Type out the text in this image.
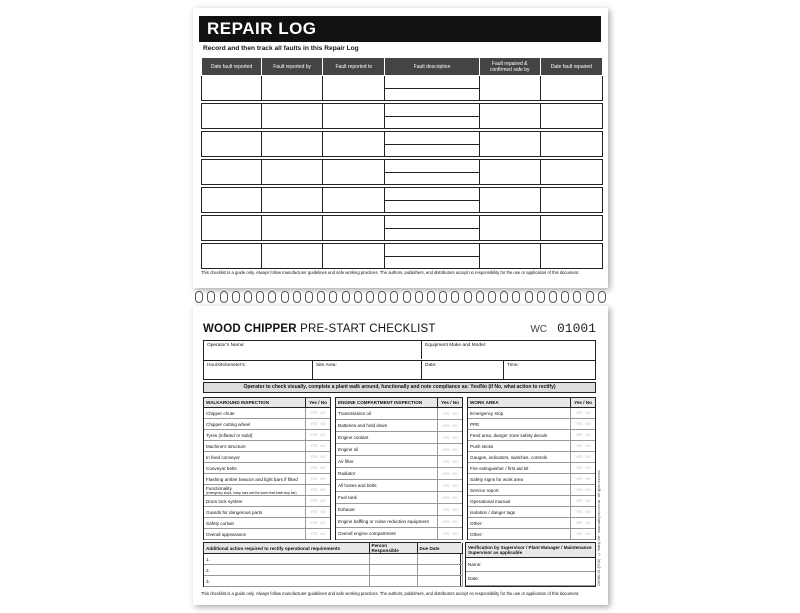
REPAIR LOG
Record and then track all faults in this Repair Log
Date fault reported	Fault reported by	Fault reported to	Fault description	Fault repaired & confirmed safe by	Date fault repaired

This checklist is a guide only. Always follow manufacturer guidelines and safe working practices. The authors, publishers, and distributors accept no responsibility for the use or application of this document.
WOOD CHIPPER PRE-START CHECKLIST	WC 01001
Operator's Name:	Equipment Make and Model:
Hours/Kilometer's:	Site Area:	Date:	Time:
Operator to check visually, complete a plant walk around, functionally and note compliance as: Yes/No (if No, what action to rectify)
WALKAROUND INSPECTION	Yes / No
Chipper chute	YES NO
Chipper cutting wheel	YES NO
Tyres (inflated or solid)	YES NO
Machine's structure	YES NO
In feed conveyor	YES NO
Conveyor belts	YES NO
Flashing amber beacon and light bars if fitted	YES NO
Functionality
(emergency stops, bump bars and the lower feed table stop bar)	YES NO
Drum lock system	YES NO
Guards for dangerous parts	YES NO
Safety curtain	YES NO
Overall appearance	YES NO
ENGINE COMPARTMENT INSPECTION	Yes / No
Transmission oil	YES NO
Batteries and hold down	YES NO
Engine coolant	YES NO
Engine oil	YES NO
Air filter	YES NO
Radiator	YES NO
All hoses and belts	YES NO
Fuel tank	YES NO
Exhaust	YES NO
Engine baffling or noise reduction equipment	YES NO
Overall engine compartment	YES NO
WORK AREA	Yes / No
Emergency stop	YES NO
PPE	YES NO
Feed area, danger zone safety decals	YES NO
Push sticks	YES NO
Gauges, indicators, switches, controls	YES NO
Fire extinguisher / first aid kit	YES NO
Safety signs for work area	YES NO
Service report	YES NO
Operational manual	YES NO
Isolation / danger tags	YES NO
Other:	YES NO
Other:	YES NO
Additional action required to rectify operational requirements	Person Responsible	Due Date
1.		
2.		
3.		
Verification by Supervisor / Plant Manager / Maintenance Supervisor as applicable
Name:
Date:	OM-WC-01 (0718) · © Safety Net · www.safetynet.com.au · All rights reserved
This checklist is a guide only. Always follow manufacturer guidelines and safe working practices. The authors, publishers, and distributors accept no responsibility for the use or application of this document.
